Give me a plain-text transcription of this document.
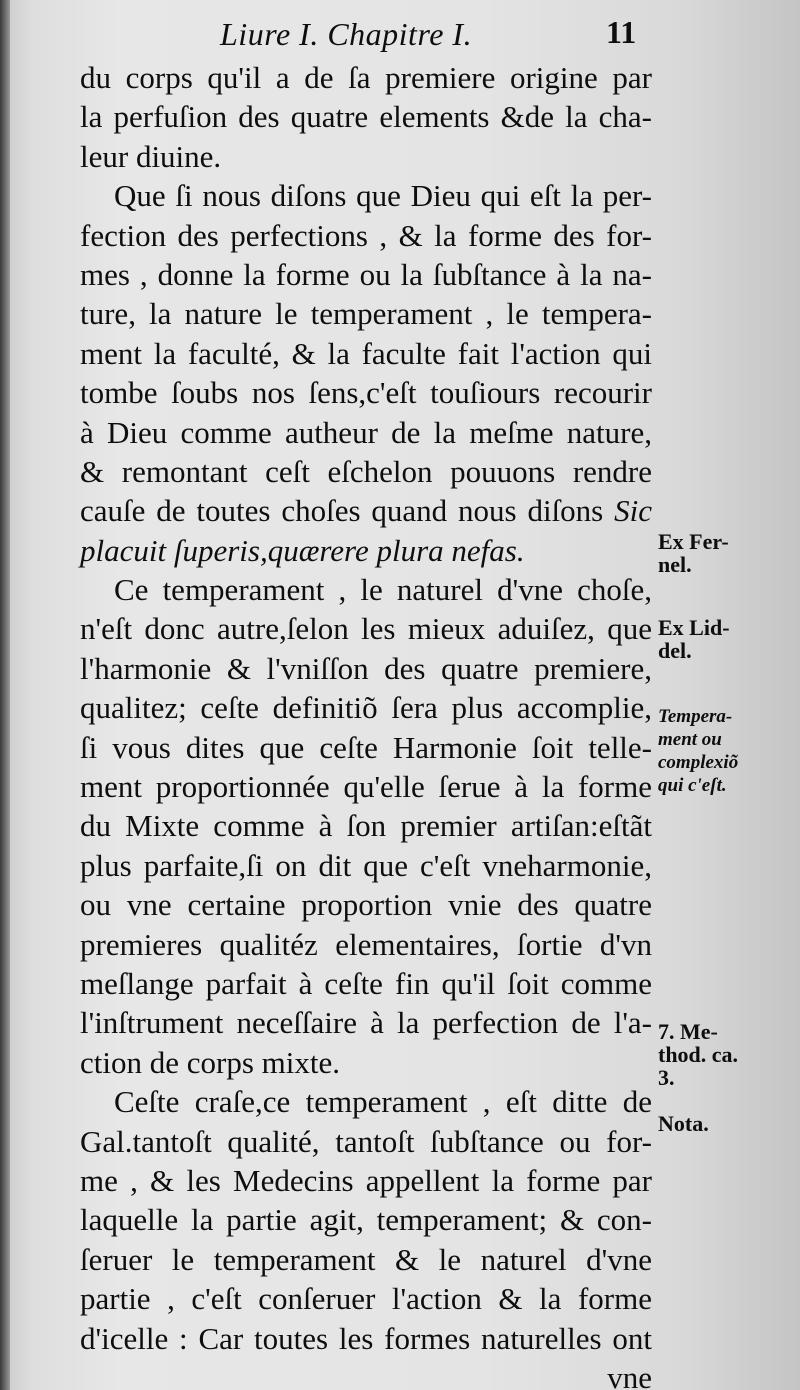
Liure I. Chapitre I.	11
du corps qu'il a de ſa premiere origine par
la perfuſion des quatre elements &de la cha-
leur diuine.
Que ſi nous diſons que Dieu qui eſt la per-
fection des perfections , & la forme des for-
mes , donne la forme ou la ſubſtance à la na-
ture, la nature le temperament , le tempera-
ment la faculté, & la faculte fait l'action qui
tombe ſoubs nos ſens,c'eſt touſiours recourir
à Dieu comme autheur de la meſme nature,
& remontant ceſt eſchelon pouuons rendre
cauſe de toutes choſes quand nous diſons Sic
placuit ſuperis,quærere plura nefas.
Ce temperament , le naturel d'vne choſe,
n'eſt donc autre,ſelon les mieux aduiſez, que
l'harmonie & l'vniſſon des quatre premiere,
qualitez; ceſte definitiõ ſera plus accomplie,
ſi vous dites que ceſte Harmonie ſoit telle-
ment proportionnée qu'elle ſerue à la forme
du Mixte comme à ſon premier artiſan:eſtãt
plus parfaite,ſi on dit que c'eſt vneharmonie,
ou vne certaine proportion vnie des quatre
premieres qualitéz elementaires, ſortie d'vn
meſlange parfait à ceſte fin qu'il ſoit comme
l'inſtrument neceſſaire à la perfection de l'a-
ction de corps mixte.
Ceſte craſe,ce temperament , eſt ditte de
Gal.tantoſt qualité, tantoſt ſubſtance ou for-
me , & les Medecins appellent la forme par
laquelle la partie agit, temperament; & con-
ſeruer le temperament & le naturel d'vne
partie , c'eſt conſeruer l'action & la forme
d'icelle : Car toutes les formes naturelles ont
vne
Ex Fer-
nel.
Ex Lid-
del.
Tempera-
ment ou
complexiõ
qui c'eſt.
7. Me-
thod. ca.
3.
Nota.
